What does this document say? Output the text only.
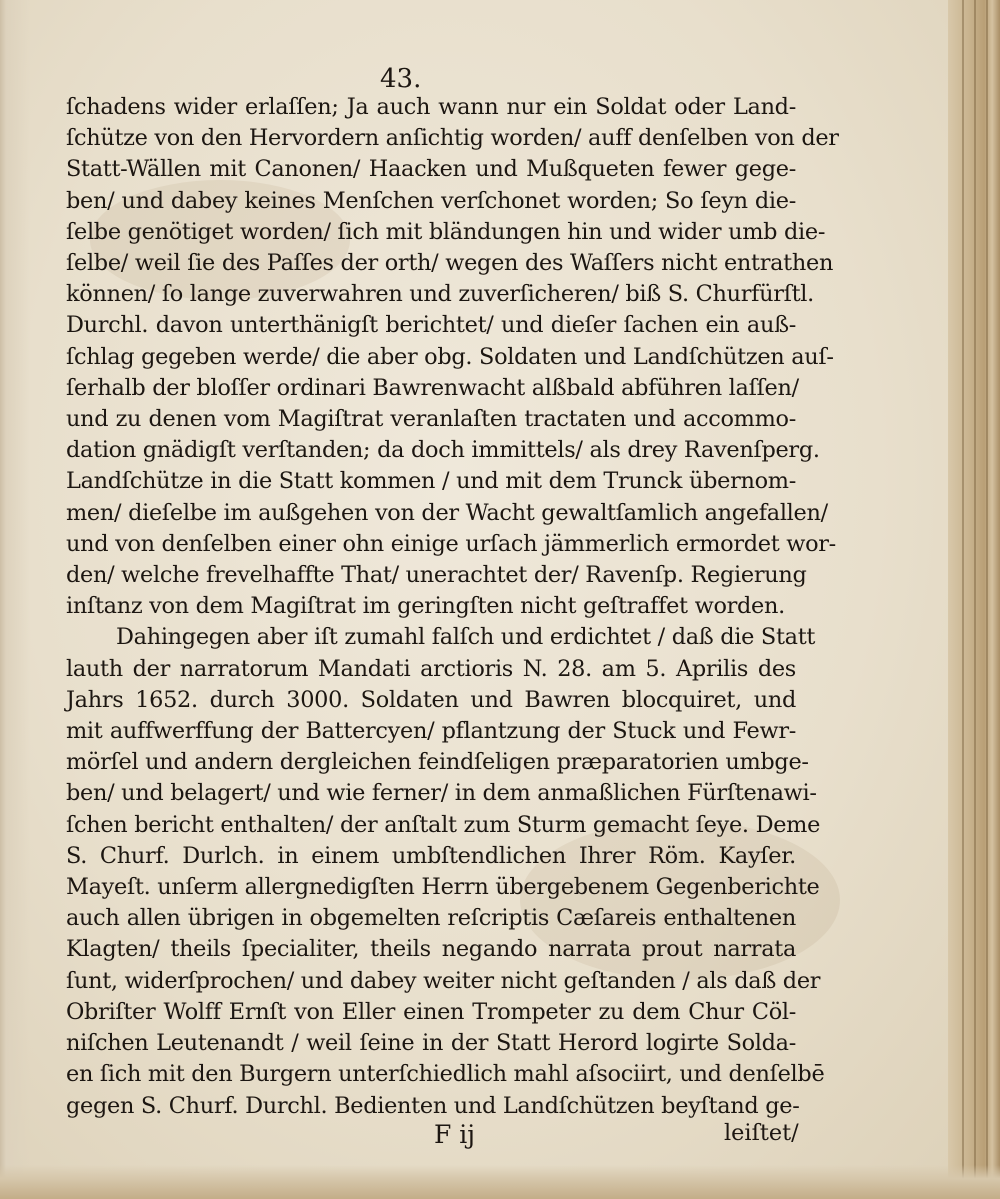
43.
ſchadens wider erlaſſen; Ja auch wann nur ein Soldat oder Land-
ſchütze von den Hervordern anſichtig worden/ auff denſelben von der
Statt-Wällen mit Canonen/ Haacken und Mußqueten fewer gege-
ben/ und dabey keines Menſchen verſchonet worden; So ſeyn die-
ſelbe genötiget worden/ ſich mit bländungen hin und wider umb die-
ſelbe/ weil ſie des Paſſes der orth/ wegen des Waſſers nicht entrathen
können/ ſo lange zuverwahren und zuverſicheren/ biß S. Churfürſtl.
Durchl. davon unterthänigſt berichtet/ und dieſer ſachen ein auß-
ſchlag gegeben werde/ die aber obg. Soldaten und Landſchützen auſ-
ſerhalb der bloſſer ordinari Bawrenwacht alßbald abführen laſſen/
und zu denen vom Magiſtrat veranlaſten tractaten und accommo-
dation gnädigſt verſtanden; da doch immittels/ als drey Ravenſperg.
Landſchütze in die Statt kommen / und mit dem Trunck übernom-
men/ dieſelbe im außgehen von der Wacht gewaltſamlich angefallen/
und von denſelben einer ohn einige urſach jämmerlich ermordet wor-
den/ welche frevelhaffte That/ unerachtet der/ Ravenſp. Regierung
inſtanz von dem Magiſtrat im geringſten nicht geſtraffet worden.
Dahingegen aber iſt zumahl falſch und erdichtet / daß die Statt
lauth der narratorum Mandati arctioris N. 28. am 5. Aprilis des
Jahrs 1652. durch 3000. Soldaten und Bawren blocquiret, und
mit auffwerffung der Battercyen/ pflantzung der Stuck und Fewr-
mörſel und andern dergleichen feindſeligen præparatorien umbge-
ben/ und belagert/ und wie ferner/ in dem anmaßlichen Fürſtenawi-
ſchen bericht enthalten/ der anſtalt zum Sturm gemacht ſeye. Deme
S. Churf. Durlch. in einem umbſtendlichen Ihrer Röm. Kayſer.
Mayeſt. unſerm allergnedigſten Herrn übergebenem Gegenberichte
auch allen übrigen in obgemelten reſcriptis Cæſareis enthaltenen
Klagten/ theils ſpecialiter, theils negando narrata prout narrata
ſunt, widerſprochen/ und dabey weiter nicht geſtanden / als daß der
Obriſter Wolff Ernſt von Eller einen Trompeter zu dem Chur Cöl-
niſchen Leutenandt / weil ſeine in der Statt Herord logirte Solda-
en ſich mit den Burgern unterſchiedlich mahl aſsociirt, und denſelbē
gegen S. Churf. Durchl. Bedienten und Landſchützen beyſtand ge-
F ij	leiſtet/
